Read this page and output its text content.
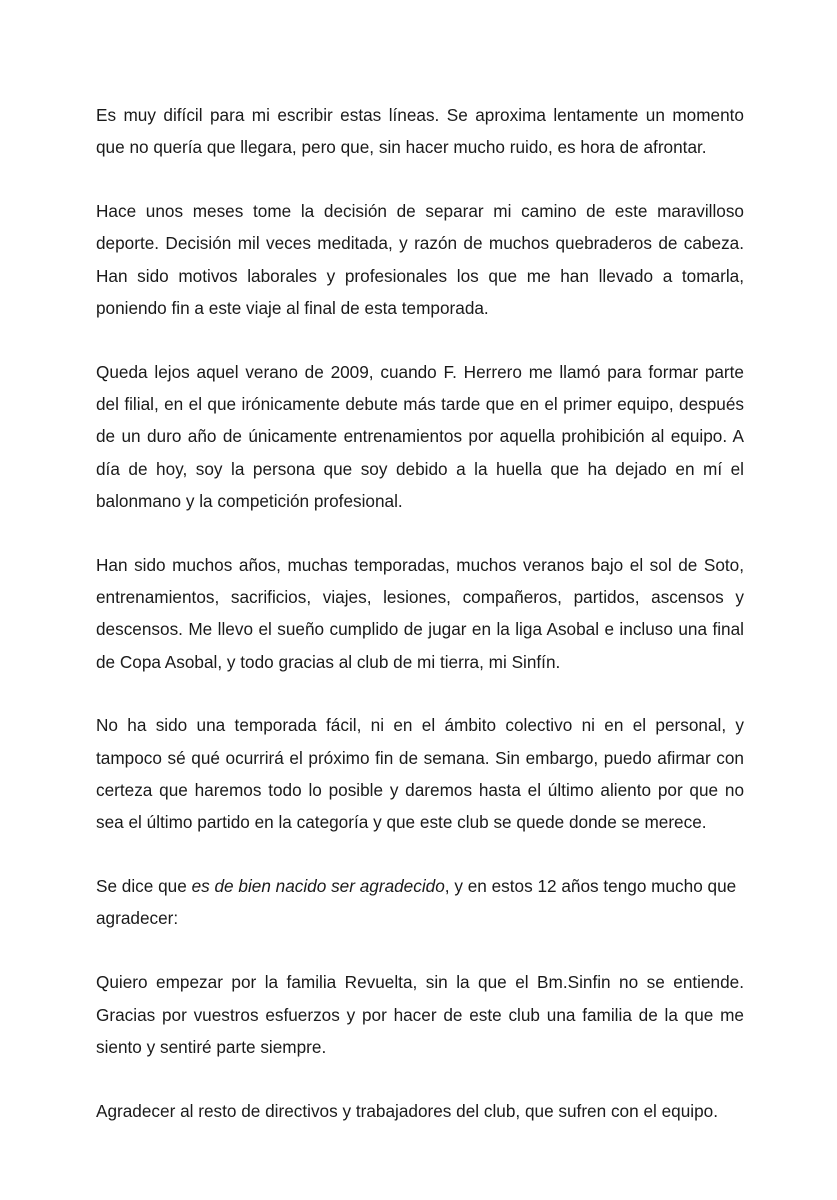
Es muy difícil para mi escribir estas líneas. Se aproxima lentamente un momento que no quería que llegara, pero que, sin hacer mucho ruido, es hora de afrontar.

Hace unos meses tome la decisión de separar mi camino de este maravilloso deporte. Decisión mil veces meditada, y razón de muchos quebraderos de cabeza. Han sido motivos laborales y profesionales los que me han llevado a tomarla, poniendo fin a este viaje al final de esta temporada.

Queda lejos aquel verano de 2009, cuando F. Herrero me llamó para formar parte del filial, en el que irónicamente debute más tarde que en el primer equipo, después de un duro año de únicamente entrenamientos por aquella prohibición al equipo. A día de hoy, soy la persona que soy debido a la huella que ha dejado en mí el balonmano y la competición profesional.

Han sido muchos años, muchas temporadas, muchos veranos bajo el sol de Soto, entrenamientos, sacrificios, viajes, lesiones, compañeros, partidos, ascensos y descensos. Me llevo el sueño cumplido de jugar en la liga Asobal e incluso una final de Copa Asobal, y todo gracias al club de mi tierra, mi Sinfín.

No ha sido una temporada fácil, ni en el ámbito colectivo ni en el personal, y tampoco sé qué ocurrirá el próximo fin de semana. Sin embargo, puedo afirmar con certeza que haremos todo lo posible y daremos hasta el último aliento por que no sea el último partido en la categoría y que este club se quede donde se merece.

Se dice que es de bien nacido ser agradecido, y en estos 12 años tengo mucho que agradecer:

Quiero empezar por la familia Revuelta, sin la que el Bm.Sinfin no se entiende. Gracias por vuestros esfuerzos y por hacer de este club una familia de la que me siento y sentiré parte siempre.

Agradecer al resto de directivos y trabajadores del club, que sufren con el equipo.
